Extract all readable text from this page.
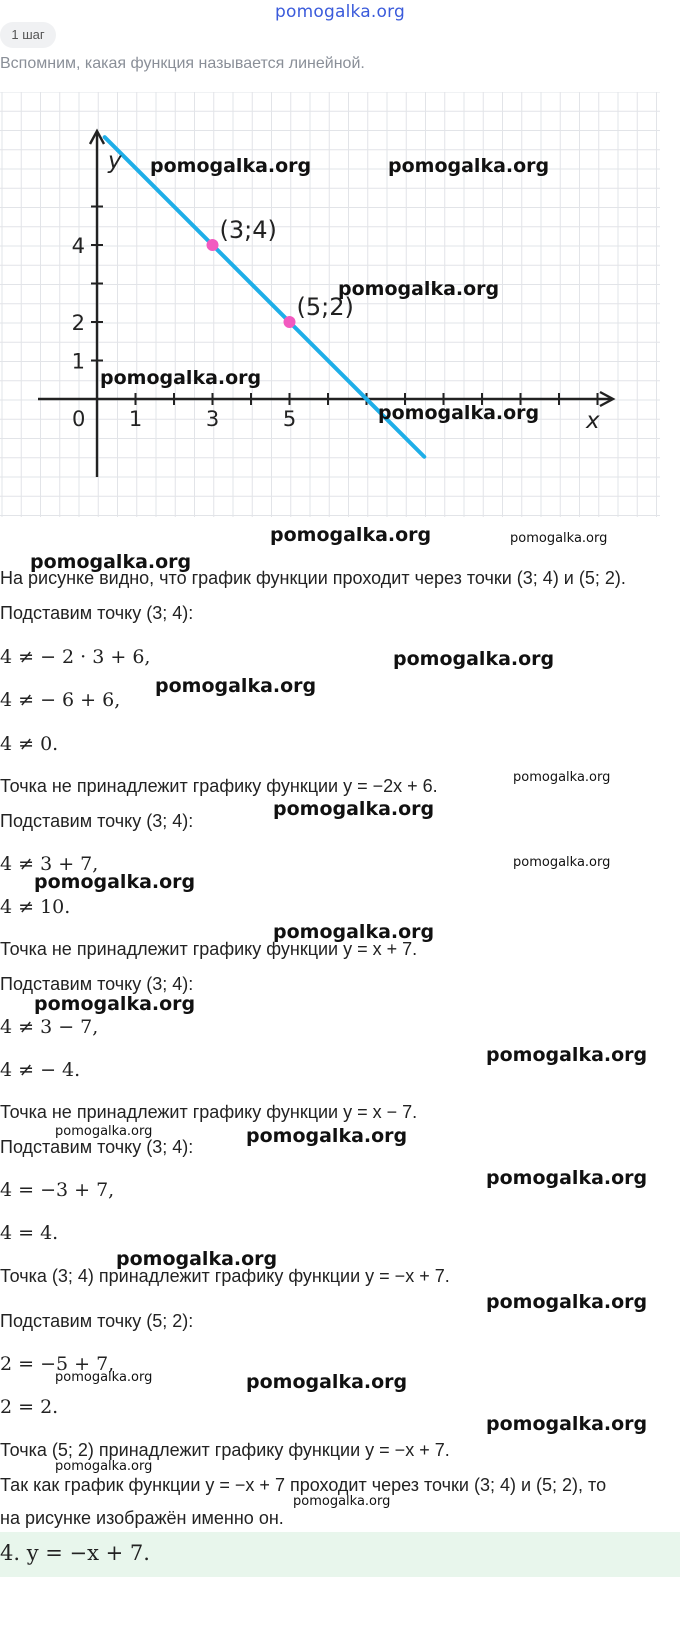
pomogalka.org
1 шаг
Вспомним, какая функция называется линейной.
(3;4)
(5;2)
1	3	5
1
2
4
x
y
0
На рисунке видно, что график функции проходит через точки (3; 4) и (5; 2).
Подставим точку (3; 4):
4 ≠ − 2 · 3 + 6,
4 ≠ − 6 + 6,
4 ≠ 0.
Точка не принадлежит графику функции y = −2x + 6.
Подставим точку (3; 4):
4 ≠ 3 + 7,
4 ≠ 10.
Точка не принадлежит графику функции y = x + 7.
Подставим точку (3; 4):
4 ≠ 3 − 7,
4 ≠ − 4.
Точка не принадлежит графику функции y = x − 7.
Подставим точку (3; 4):
4 = −3 + 7,
4 = 4.
Точка (3; 4) принадлежит графику функции y = −x + 7.
Подставим точку (5; 2):
2 = −5 + 7,
2 = 2.
Точка (5; 2) принадлежит графику функции y = −x + 7.
Так как график функции y = −x + 7 проходит через точки (3; 4) и (5; 2), то
на рисунке изображён именно он.
4. y = −x + 7.
pomogalka.org	pomogalka.org
pomogalka.org
pomogalka.org
pomogalka.org
pomogalka.org	pomogalka.org
pomogalka.org
pomogalka.org
pomogalka.org
pomogalka.org
pomogalka.org
pomogalka.org
pomogalka.org
pomogalka.org
pomogalka.org
pomogalka.org
pomogalka.org	pomogalka.org
pomogalka.org
pomogalka.org
pomogalka.org
pomogalka.org	pomogalka.org
pomogalka.org
pomogalka.org
pomogalka.org
